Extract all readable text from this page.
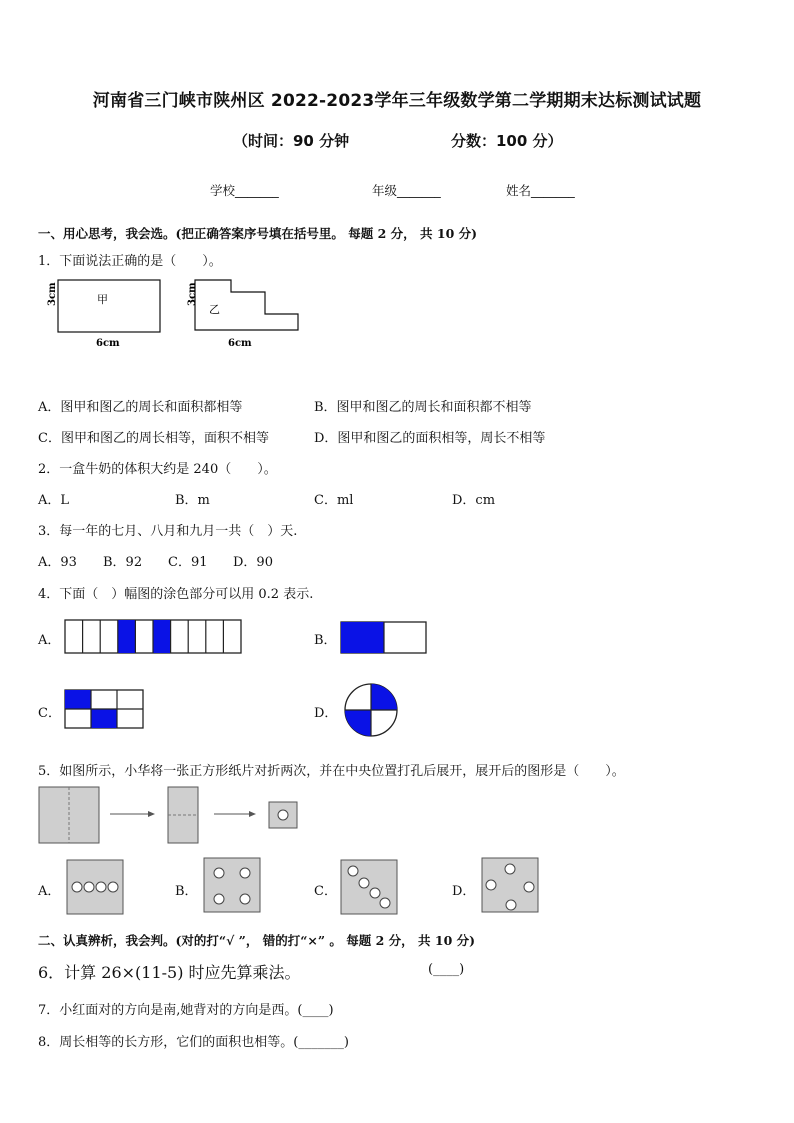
河南省三门峡市陕州区 2022-2023学年三年级数学第二学期期末达标测试试题
（时间：90 分钟	分数：100 分）
学校_______	年级_______	姓名_______
一、用心思考，我会选。(把正确答案序号填在括号里。 每题 2 分， 共 10 分)
1．下面说法正确的是（　　）。
甲
3cm
6cm
乙
3cm
6cm
A．图甲和图乙的周长和面积都相等	B．图甲和图乙的周长和面积都不相等
C．图甲和图乙的周长相等，面积不相等	D．图甲和图乙的面积相等，周长不相等
2．一盒牛奶的体积大约是 240（　　）。
A．L	B．m	C．ml	D．cm
3．每一年的七月、八月和九月一共（　）天.
A．93 B．92 C．91 D．90
4．下面（　）幅图的涂色部分可以用 0.2 表示.
A．	B．
C．	D．
5．如图所示，小华将一张正方形纸片对折两次，并在中央位置打孔后展开，展开后的图形是（　　）。
A．	B．	C．	D．
二、认真辨析，我会判。(对的打“√ ”， 错的打“×” 。 每题 2 分， 共 10 分)
6．计算 26×(11-5) 时应先算乘法。	(____)
7．小红面对的方向是南,她背对的方向是西。(____)
8．周长相等的长方形，它们的面积也相等。(_______)
